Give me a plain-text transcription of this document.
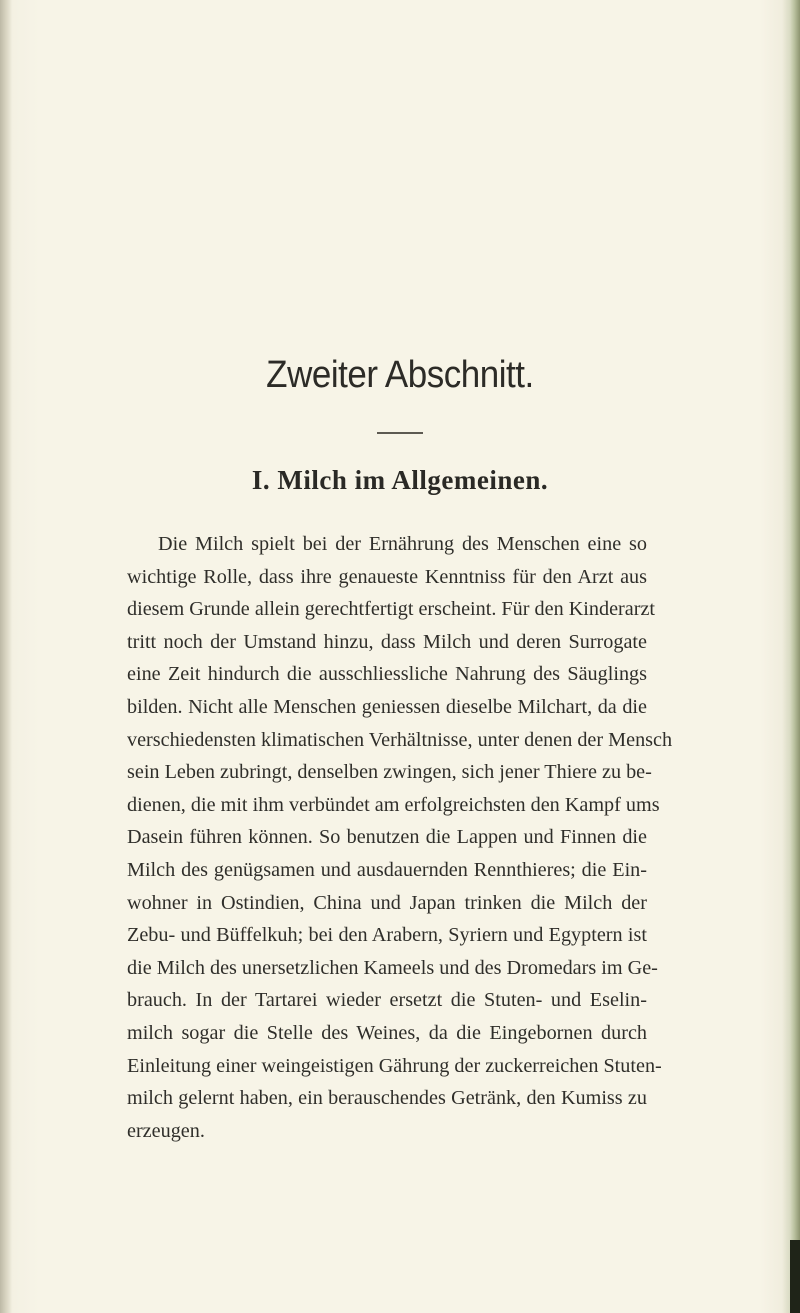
Zweiter Abschnitt.
I. Milch im Allgemeinen.
Die Milch spielt bei der Ernährung des Menschen eine so
wichtige Rolle, dass ihre genaueste Kenntniss für den Arzt aus
diesem Grunde allein gerechtfertigt erscheint. Für den Kinderarzt
tritt noch der Umstand hinzu, dass Milch und deren Surrogate
eine Zeit hindurch die ausschliessliche Nahrung des Säuglings
bilden. Nicht alle Menschen geniessen dieselbe Milchart, da die
verschiedensten klimatischen Verhältnisse, unter denen der Mensch
sein Leben zubringt, denselben zwingen, sich jener Thiere zu be-
dienen, die mit ihm verbündet am erfolgreichsten den Kampf ums
Dasein führen können. So benutzen die Lappen und Finnen die
Milch des genügsamen und ausdauernden Rennthieres; die Ein-
wohner in Ostindien, China und Japan trinken die Milch der
Zebu- und Büffelkuh; bei den Arabern, Syriern und Egyptern ist
die Milch des unersetzlichen Kameels und des Dromedars im Ge-
brauch. In der Tartarei wieder ersetzt die Stuten- und Eselin-
milch sogar die Stelle des Weines, da die Eingebornen durch
Einleitung einer weingeistigen Gährung der zuckerreichen Stuten-
milch gelernt haben, ein berauschendes Getränk, den Kumiss zu
erzeugen.
